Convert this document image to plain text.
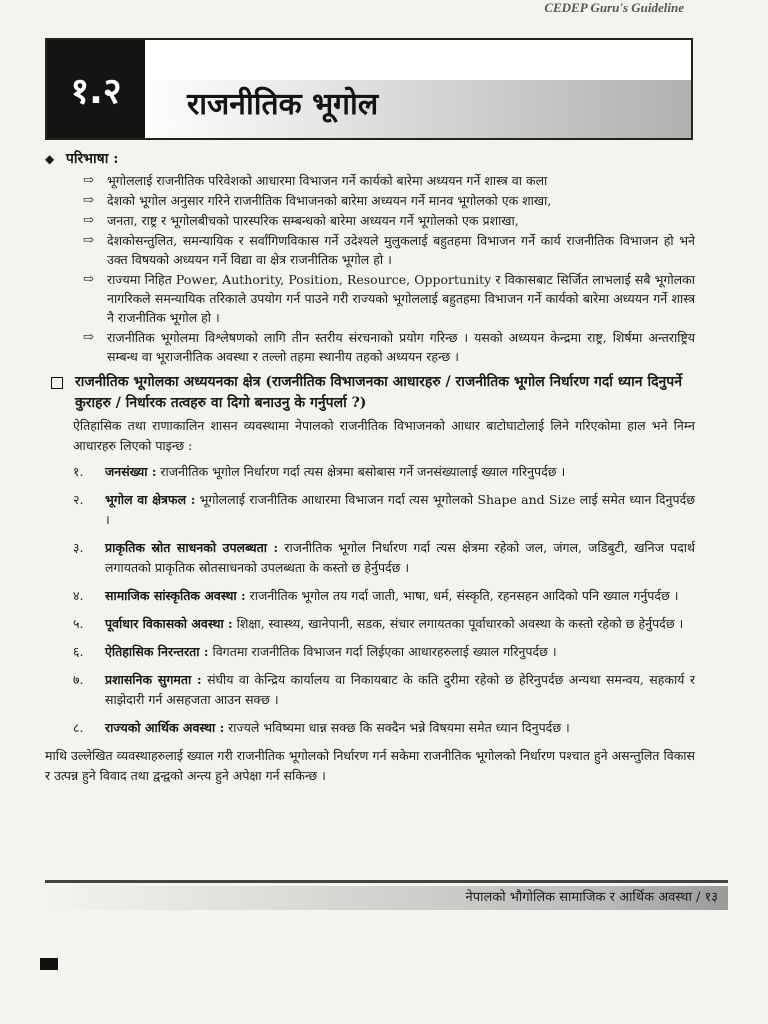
CEDEP Guru's Guideline
१.२	राजनीतिक भूगोल
◆ परिभाषा :
⇨ भूगोललाई राजनीतिक परिवेशको आधारमा विभाजन गर्ने कार्यको बारेमा अध्ययन गर्ने शास्त्र वा कला
⇨ देशको भूगोल अनुसार गरिने राजनीतिक विभाजनको बारेमा अध्ययन गर्ने मानव भूगोलको एक शाखा,
⇨ जनता, राष्ट्र र भूगोलबीचको पारस्परिक सम्बन्धको बारेमा अध्ययन गर्ने भूगोलको एक प्रशाखा,
⇨ देशकोसन्तुलित, समन्यायिक र सर्वांगिणविकास गर्ने उदेश्यले मुलुकलाई बहुतहमा विभाजन गर्ने कार्य राजनीतिक विभाजन हो भने उक्त विषयको अध्ययन गर्ने विद्या वा क्षेत्र राजनीतिक भूगोल हो ।
⇨ राज्यमा निहित Power, Authority, Position, Resource, Opportunity र विकासबाट सिर्जित लाभलाई सबै भूगोलका नागरिकले समन्यायिक तरिकाले उपयोग गर्न पाउने गरी राज्यको भूगोललाई बहुतहमा विभाजन गर्ने कार्यको बारेमा अध्ययन गर्ने शास्त्र नै राजनीतिक भूगोल हो ।
⇨ राजनीतिक भूगोलमा विश्लेषणको लागि तीन स्तरीय संरचनाको प्रयोग गरिन्छ । यसको अध्ययन केन्द्रमा राष्ट्र, शिर्षमा अन्तराष्ट्रिय सम्बन्ध वा भूराजनीतिक अवस्था र तल्लो तहमा स्थानीय तहको अध्ययन रहन्छ ।
राजनीतिक भूगोलका अध्ययनका क्षेत्र (राजनीतिक विभाजनका आधारहरु / राजनीतिक भूगोल निर्धारण गर्दा ध्यान दिनुपर्ने कुराहरु / निर्धारक तत्वहरु वा दिगो बनाउनु के गर्नुपर्ला ?)
ऐतिहासिक तथा राणाकालिन शासन व्यवस्थामा नेपालको राजनीतिक विभाजनको आधार बाटोघाटोलाई लिने गरिएकोमा हाल भने निम्न आधारहरु लिएको पाइन्छ :
१. जनसंख्या : राजनीतिक भूगोल निर्धारण गर्दा त्यस क्षेत्रमा बसोबास गर्ने जनसंख्यालाई ख्याल गरिनुपर्दछ ।
२. भूगोल वा क्षेत्रफल : भूगोललाई राजनीतिक आधारमा विभाजन गर्दा त्यस भूगोलको Shape and Size लाई समेत ध्यान दिनुपर्दछ ।
३. प्राकृतिक स्रोत साधनको उपलब्धता : राजनीतिक भूगोल निर्धारण गर्दा त्यस क्षेत्रमा रहेको जल, जंगल, जडिबुटी, खनिज पदार्थ लगायतको प्राकृतिक स्रोतसाधनको उपलब्धता के कस्तो छ हेर्नुपर्दछ ।
४. सामाजिक सांस्कृतिक अवस्था : राजनीतिक भूगोल तय गर्दा जाती, भाषा, धर्म, संस्कृति, रहनसहन आदिको पनि ख्याल गर्नुपर्दछ ।
५. पूर्वाधार विकासको अवस्था : शिक्षा, स्वास्थ्य, खानेपानी, सडक, संचार लगायतका पूर्वाधारको अवस्था के कस्तो रहेको छ हेर्नुपर्दछ ।
६. ऐतिहासिक निरन्तरता : विगतमा राजनीतिक विभाजन गर्दा लिईएका आधारहरुलाई ख्याल गरिनुपर्दछ ।
७. प्रशासनिक सुगमता : संघीय वा केन्द्रिय कार्यालय वा निकायबाट के कति दुरीमा रहेको छ हेरिनुपर्दछ अन्यथा समन्वय, सहकार्य र साझेदारी गर्न असहजता आउन सक्छ ।
८. राज्यको आर्थिक अवस्था : राज्यले भविष्यमा धान्न सक्छ कि सक्दैन भन्ने विषयमा समेत ध्यान दिनुपर्दछ ।
माथि उल्लेखित व्यवस्थाहरुलाई ख्याल गरी राजनीतिक भूगोलको निर्धारण गर्न सकेमा राजनीतिक भूगोलको निर्धारण पश्चात हुने असन्तुलित विकास र उत्पन्न हुने विवाद तथा द्वन्द्वको अन्त्य हुने अपेक्षा गर्न सकिन्छ ।
नेपालको भौगोलिक सामाजिक र आर्थिक अवस्था / १३
